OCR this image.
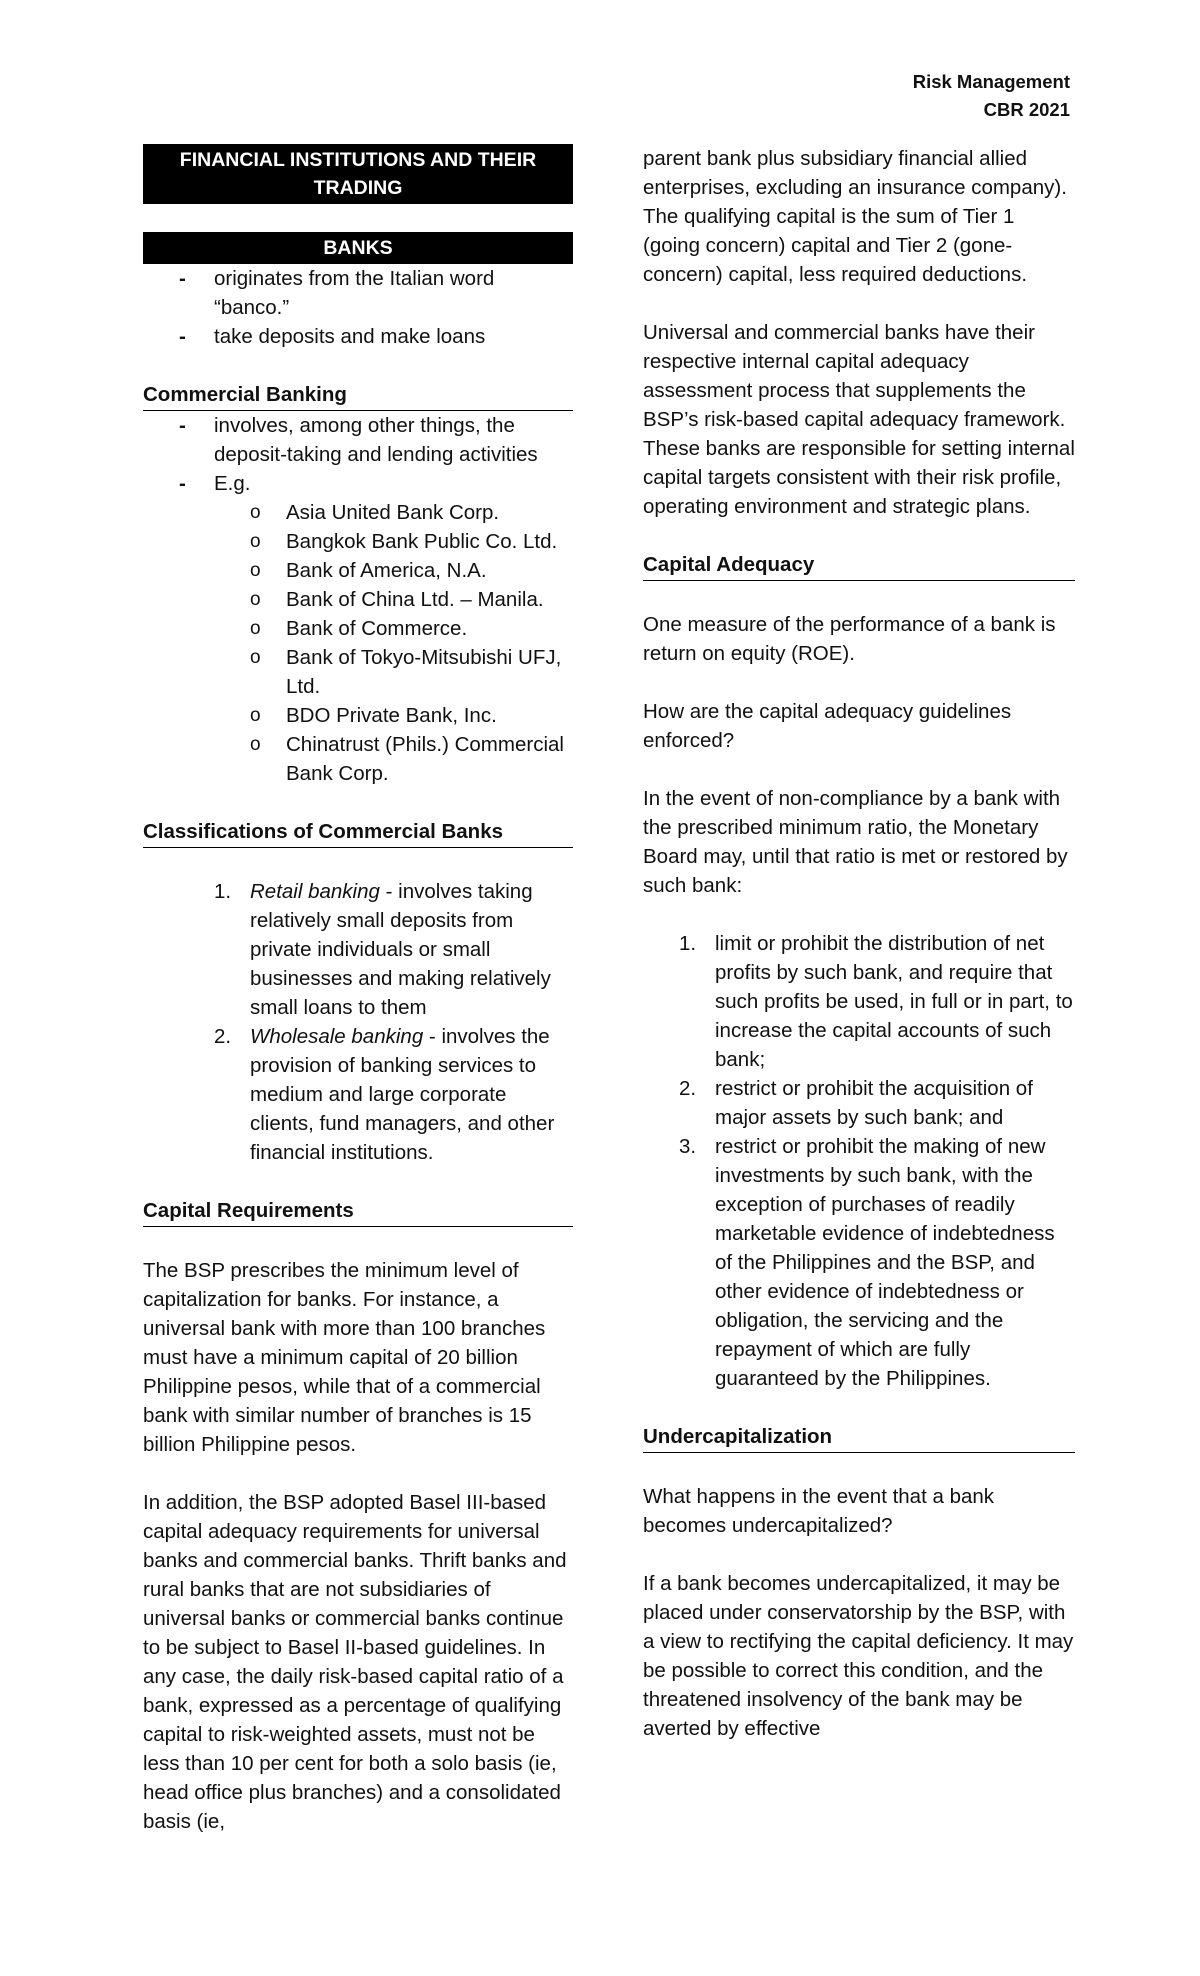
Risk Management
CBR 2021
FINANCIAL INSTITUTIONS AND THEIR TRADING
BANKS
- originates from the Italian word “banco.”
- take deposits and make loans
Commercial Banking
- involves, among other things, the deposit-taking and lending activities
- E.g.
o Asia United Bank Corp.
o Bangkok Bank Public Co. Ltd.
o Bank of America, N.A.
o Bank of China Ltd. – Manila.
o Bank of Commerce.
o Bank of Tokyo-Mitsubishi UFJ, Ltd.
o BDO Private Bank, Inc.
o Chinatrust (Phils.) Commercial Bank Corp.
Classifications of Commercial Banks
1. Retail banking - involves taking relatively small deposits from private individuals or small businesses and making relatively small loans to them
2. Wholesale banking - involves the provision of banking services to medium and large corporate clients, fund managers, and other financial institutions.
Capital Requirements

The BSP prescribes the minimum level of capitalization for banks. For instance, a universal bank with more than 100 branches must have a minimum capital of 20 billion Philippine pesos, while that of a commercial bank with similar number of branches is 15 billion Philippine pesos.

In addition, the BSP adopted Basel III-based capital adequacy requirements for universal banks and commercial banks. Thrift banks and rural banks that are not subsidiaries of universal banks or commercial banks continue to be subject to Basel II-based guidelines. In any case, the daily risk-based capital ratio of a bank, expressed as a percentage of qualifying capital to risk-weighted assets, must not be less than 10 per cent for both a solo basis (ie, head office plus branches) and a consolidated basis (ie,

parent bank plus subsidiary financial allied enterprises, excluding an insurance company). The qualifying capital is the sum of Tier 1 (going concern) capital and Tier 2 (gone-concern) capital, less required deductions.

Universal and commercial banks have their respective internal capital adequacy assessment process that supplements the BSP’s risk-based capital adequacy framework. These banks are responsible for setting internal capital targets consistent with their risk profile, operating environment and strategic plans.

Capital Adequacy

One measure of the performance of a bank is return on equity (ROE).

How are the capital adequacy guidelines enforced?

In the event of non-compliance by a bank with the prescribed minimum ratio, the Monetary Board may, until that ratio is met or restored by such bank:

1. limit or prohibit the distribution of net profits by such bank, and require that such profits be used, in full or in part, to increase the capital accounts of such bank;
2. restrict or prohibit the acquisition of major assets by such bank; and
3. restrict or prohibit the making of new investments by such bank, with the exception of purchases of readily marketable evidence of indebtedness of the Philippines and the BSP, and other evidence of indebtedness or obligation, the servicing and the repayment of which are fully guaranteed by the Philippines.
Undercapitalization

What happens in the event that a bank becomes undercapitalized?

If a bank becomes undercapitalized, it may be placed under conservatorship by the BSP, with a view to rectifying the capital deficiency. It may be possible to correct this condition, and the threatened insolvency of the bank may be averted by effective
